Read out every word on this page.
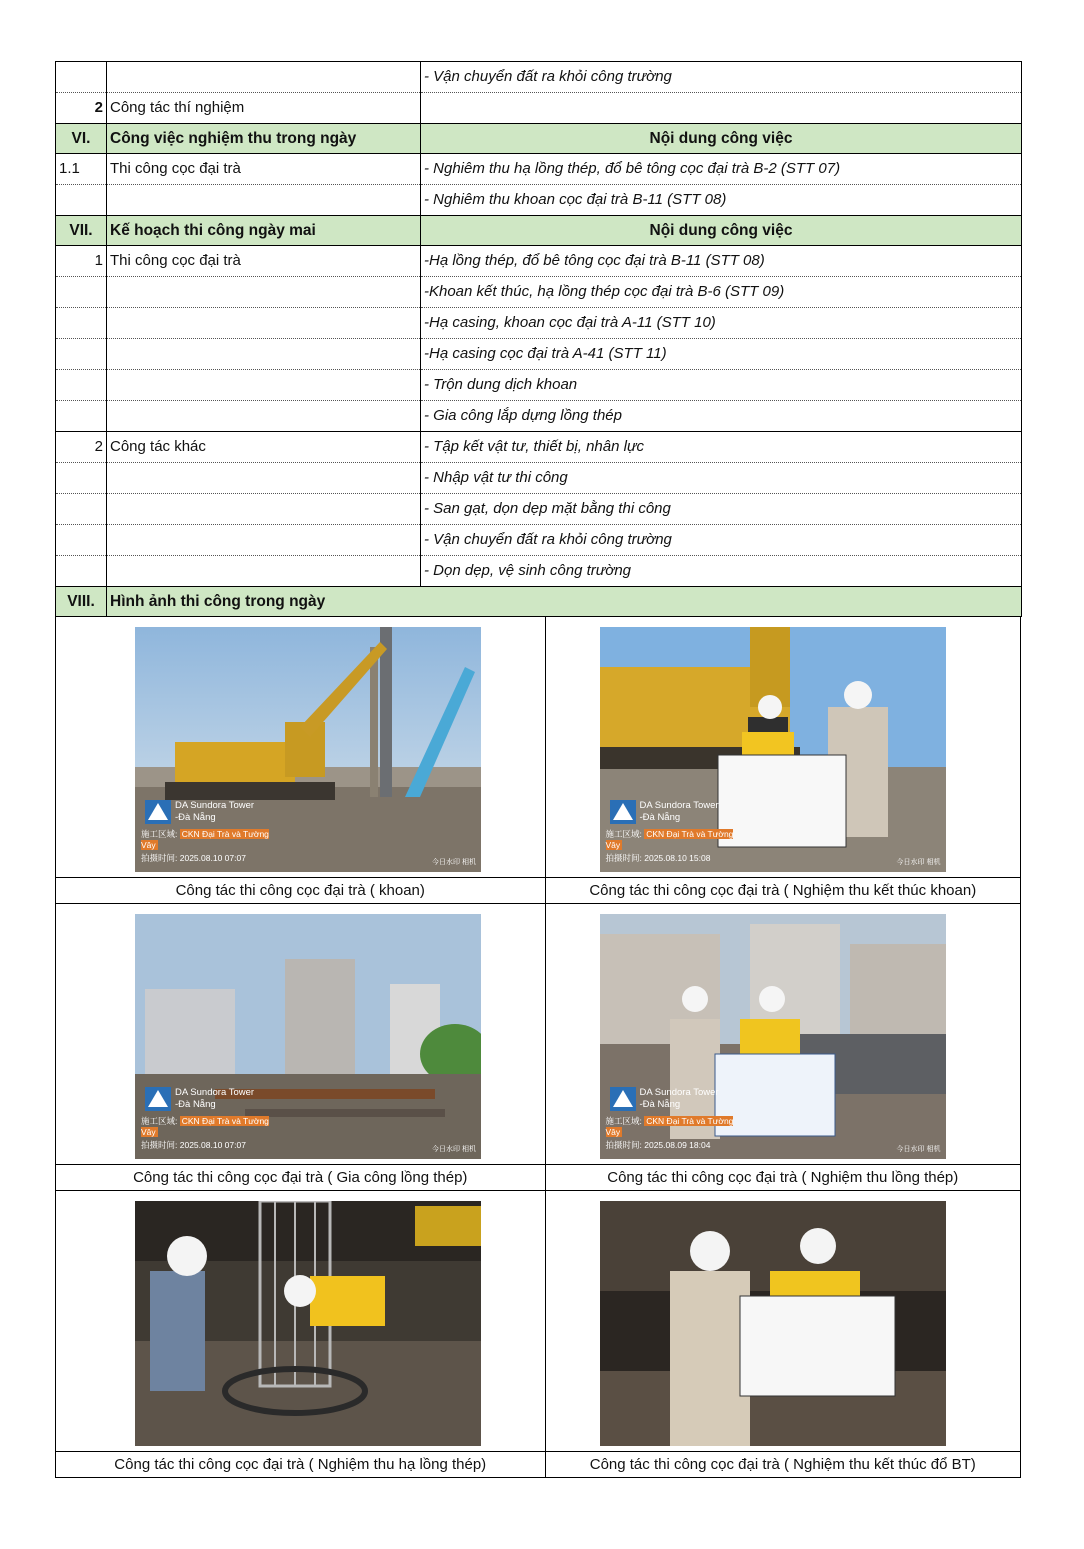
		- Vận chuyển đất ra khỏi công trường
2	Công tác thí nghiệm	
VI.	Công việc nghiệm thu trong ngày	Nội dung công việc
1.1	Thi công cọc đại trà	- Nghiêm thu hạ lồng thép, đổ bê tông cọc đại trà B-2 (STT 07)
		- Nghiêm thu khoan cọc đại trà B-11 (STT 08)
VII.	Kế hoạch thi công ngày mai	Nội dung công việc
1	Thi công cọc đại trà	-Hạ lồng thép, đổ bê tông cọc đại trà B-11 (STT 08)
		-Khoan kết thúc, hạ lồng thép cọc đại trà B-6 (STT 09)
		-Hạ casing, khoan cọc đại trà A-11 (STT 10)
		-Hạ casing cọc đại trà A-41 (STT 11)
		- Trộn dung dịch khoan
		- Gia công lắp dựng lồng thép
2	Công tác khác	- Tập kết vật tư, thiết bị, nhân lực
		- Nhập vật tư thi công
		- San gạt, dọn dẹp mặt bằng thi công
		- Vận chuyển đất ra khỏi công trường
		- Dọn dẹp, vệ sinh công trường
VIII.	Hình ảnh thi công trong ngày	
DA Sundora Tower
-Đà Nẵng
施工区域: CKN Đại Trà và Tường Vây
拍摄时间: 2025.08.10 07:07	今日水印 相机
Công tác thi công cọc đại trà ( khoan)
DA Sundora Tower
-Đà Nẵng
施工区域: CKN Đại Trà và Tường Vây
拍摄时间: 2025.08.10 15:08	今日水印 相机
Công tác thi công cọc đại trà ( Nghiệm thu kết thúc khoan)
DA Sundora Tower
-Đà Nẵng
施工区域: CKN Đại Trà và Tường Vây
拍摄时间: 2025.08.10 07:07	今日水印 相机
Công tác thi công cọc đại trà ( Gia công lồng thép)
DA Sundora Tower
-Đà Nẵng
施工区域: CKN Đại Trà và Tường Vây
拍摄时间: 2025.08.09 18:04	今日水印 相机
Công tác thi công cọc đại trà ( Nghiệm thu lồng thép)
Công tác thi công cọc đại trà ( Nghiệm thu hạ lồng thép)	Công tác thi công cọc đại trà ( Nghiệm thu kết thúc đổ BT)
